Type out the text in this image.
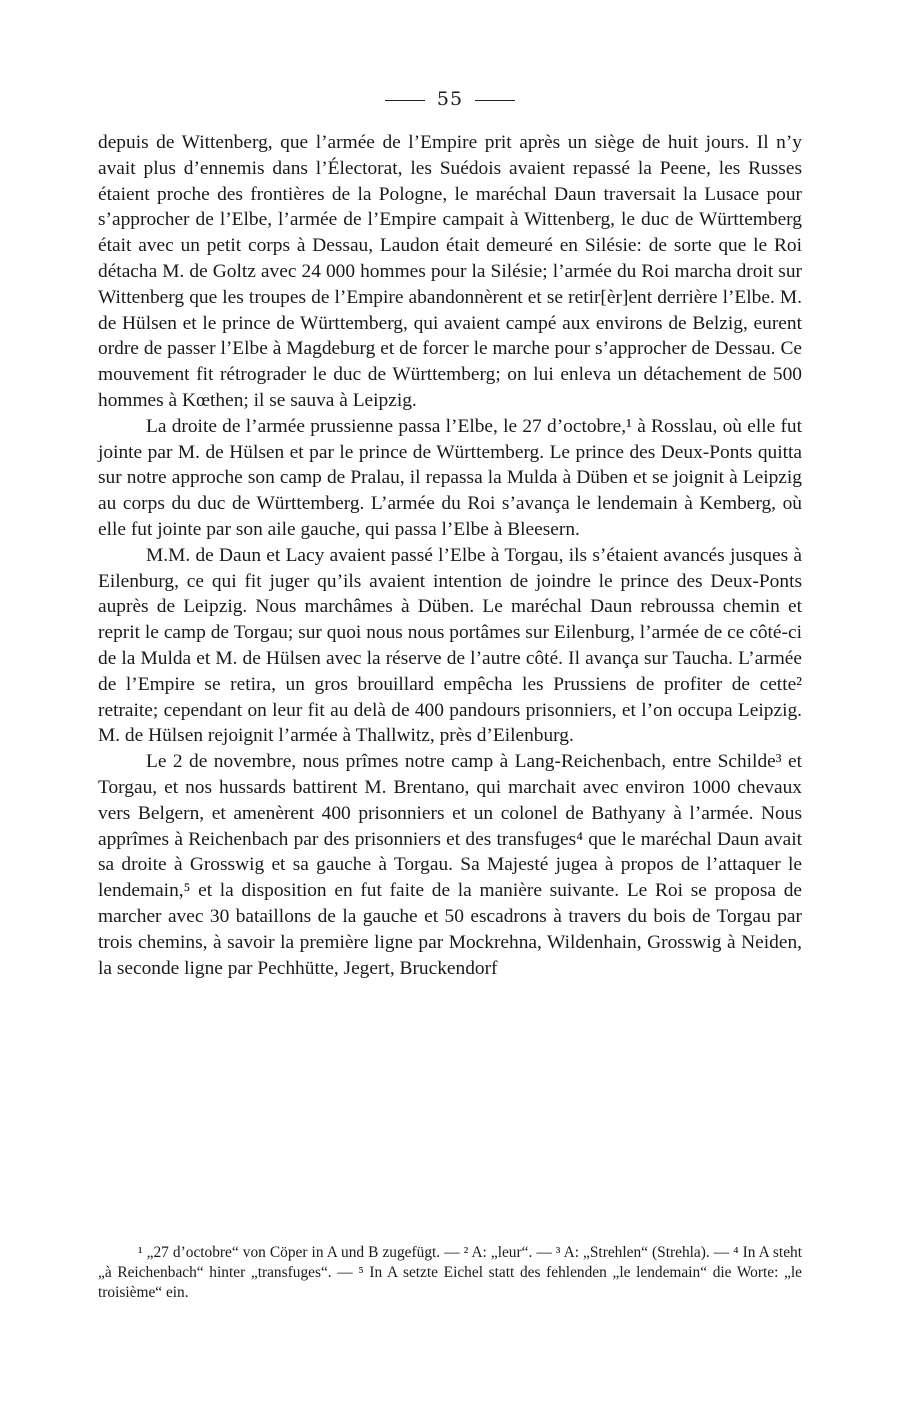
55

depuis de Wittenberg, que l’armée de l’Empire prit après un siège de huit jours. Il n’y avait plus d’ennemis dans l’Électorat, les Suédois avaient repassé la Peene, les Russes étaient proche des frontières de la Pologne, le maréchal Daun traversait la Lusace pour s’approcher de l’Elbe, l’armée de l’Empire campait à Wittenberg, le duc de Württemberg était avec un petit corps à Dessau, Laudon était demeuré en Silésie: de sorte que le Roi détacha M. de Goltz avec 24 000 hommes pour la Silésie; l’armée du Roi marcha droit sur Wittenberg que les troupes de l’Empire abandonnèrent et se retir[èr]ent derrière l’Elbe. M. de Hülsen et le prince de Württemberg, qui avaient campé aux environs de Belzig, eurent ordre de passer l’Elbe à Magdeburg et de forcer le marche pour s’approcher de Dessau. Ce mouvement fit rétrograder le duc de Württemberg; on lui enleva un détachement de 500 hommes à Kœthen; il se sauva à Leipzig.

La droite de l’armée prussienne passa l’Elbe, le 27 d’octobre,¹ à Rosslau, où elle fut jointe par M. de Hülsen et par le prince de Württemberg. Le prince des Deux-Ponts quitta sur notre approche son camp de Pralau, il repassa la Mulda à Düben et se joignit à Leipzig au corps du duc de Württemberg. L’armée du Roi s’avança le lendemain à Kemberg, où elle fut jointe par son aile gauche, qui passa l’Elbe à Bleesern.

M.M. de Daun et Lacy avaient passé l’Elbe à Torgau, ils s’étaient avancés jusques à Eilenburg, ce qui fit juger qu’ils avaient intention de joindre le prince des Deux-Ponts auprès de Leipzig. Nous marchâmes à Düben. Le maréchal Daun rebroussa chemin et reprit le camp de Torgau; sur quoi nous nous portâmes sur Eilenburg, l’armée de ce côté-ci de la Mulda et M. de Hülsen avec la réserve de l’autre côté. Il avança sur Taucha. L’armée de l’Empire se retira, un gros brouillard empêcha les Prussiens de profiter de cette² retraite; cependant on leur fit au delà de 400 pandours prisonniers, et l’on occupa Leipzig. M. de Hülsen rejoignit l’armée à Thallwitz, près d’Eilenburg.

Le 2 de novembre, nous prîmes notre camp à Lang-Reichenbach, entre Schilde³ et Torgau, et nos hussards battirent M. Brentano, qui marchait avec environ 1000 chevaux vers Belgern, et amenèrent 400 prisonniers et un colonel de Bathyany à l’armée. Nous apprîmes à Reichenbach par des prisonniers et des transfuges⁴ que le maréchal Daun avait sa droite à Grosswig et sa gauche à Torgau. Sa Majesté jugea à propos de l’attaquer le lendemain,⁵ et la disposition en fut faite de la manière suivante. Le Roi se proposa de marcher avec 30 bataillons de la gauche et 50 escadrons à travers du bois de Torgau par trois chemins, à savoir la première ligne par Mockrehna, Wildenhain, Grosswig à Neiden, la seconde ligne par Pechhütte, Jegert, Bruckendorf

¹ „27 d’octobre“ von Cöper in A und B zugefügt. — ² A: „leur“. — ³ A: „Strehlen“ (Strehla). — ⁴ In A steht „à Reichenbach“ hinter „transfuges“. — ⁵ In A setzte Eichel statt des fehlenden „le lendemain“ die Worte: „le troisième“ ein.
